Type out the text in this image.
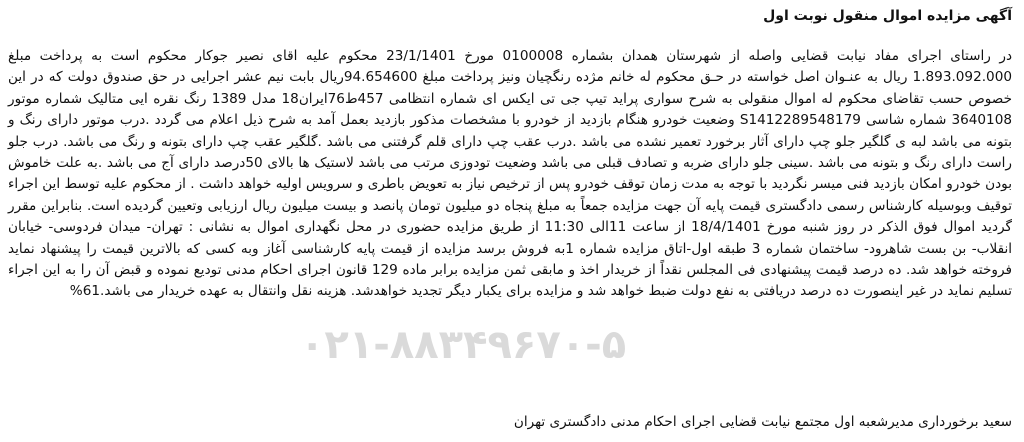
آگهی مزایده اموال منقول نوبت اول

در راستای اجرای مفاد نیابت قضایی واصله از شهرستان همدان بشماره 0100008 مورخ 23/1/1401 محکوم علیه اقای نصیر جوکار محکوم است به پرداخت مبلغ 1.893.092.000 ریال به عنـوان اصل خواسته در حـق محکوم له خانم مژده رنگچیان ونیز پرداخت مبلغ 94.654600ریال بابت نیم عشر اجرایی در حق صندوق دولت که در این خصوص حسب تقاضای محکوم له اموال منقولی به شرح سواری پراید تیپ جی تی ایکس ای شماره انتظامی 457ط76ایران18 مدل 1389 رنگ نقره ایی متالیک شماره موتور 3640108 شماره شاسی S1412289548179 وضعیت خودرو هنگام بازدید از خودرو با مشخصات مذکور بازدید بعمل آمد به شرح ذیل اعلام می گردد .درب موتور دارای رنگ و بتونه می باشد لبه ی گلگیر جلو چپ دارای آثار برخورد تعمیر نشده می باشد .درب عقب چپ دارای قلم گرفتنی می باشد .گلگیر عقب چپ دارای بتونه و رنگ می باشد. درب جلو راست دارای رنگ و بتونه می باشد .سینی جلو دارای ضربه و تصادف قبلی می باشد وضعیت تودوزی مرتب می باشد لاستیک ها بالای 50درصد دارای آج می باشد .به علت خاموش بودن خودرو امکان بازدید فنی میسر نگردید با توجه به مدت زمان توقف خودرو پس از ترخیص نیاز به تعویض باطری و سرویس اولیه خواهد داشت . از محکوم علیه توسط این اجراء توقیف وبوسیله کارشناس رسمی دادگستری قیمت پایه آن جهت مزایده جمعاً به مبلغ پنجاه دو میلیون تومان پانصد و بیست میلیون ریال ارزیابی وتعیین گردیده است. بنابراین مقرر گردید اموال فوق الذکر در روز شنبه مورخ 18/4/1401 از ساعت 11الی 11:30 از طریق مزایده حضوری در محل نگهداری اموال به نشانی : تهران- میدان فردوسی- خیابان انقلاب- بن بست شاهرود- ساختمان شماره 3 طبقه اول-اتاق مزایده شماره 1به فروش برسد مزایده از قیمت پایه کارشناسی آغاز وبه کسی که بالاترین قیمت را پیشنهاد نماید فروخته خواهد شد. ده درصد قیمت پیشنهادی فی المجلس نقداً از خریدار اخذ و مابقی ثمن مزایده برابر ماده 129 قانون اجرای احکام مدنی تودیع نموده و قبض آن را به این اجراء تسلیم نماید در غیر اینصورت ده درصد دریافتی به نفع دولت ضبط خواهد شد و مزایده برای یکبار دیگر تجدید خواهدشد. هزینه نقل وانتقال به عهده خریدار می باشد.61%

۰۲۱-۸۸۳۴۹۶۷۰-۵

سعید برخورداری مدیرشعبه اول مجتمع نیابت قضایی اجرای احکام مدنی دادگستری تهران
